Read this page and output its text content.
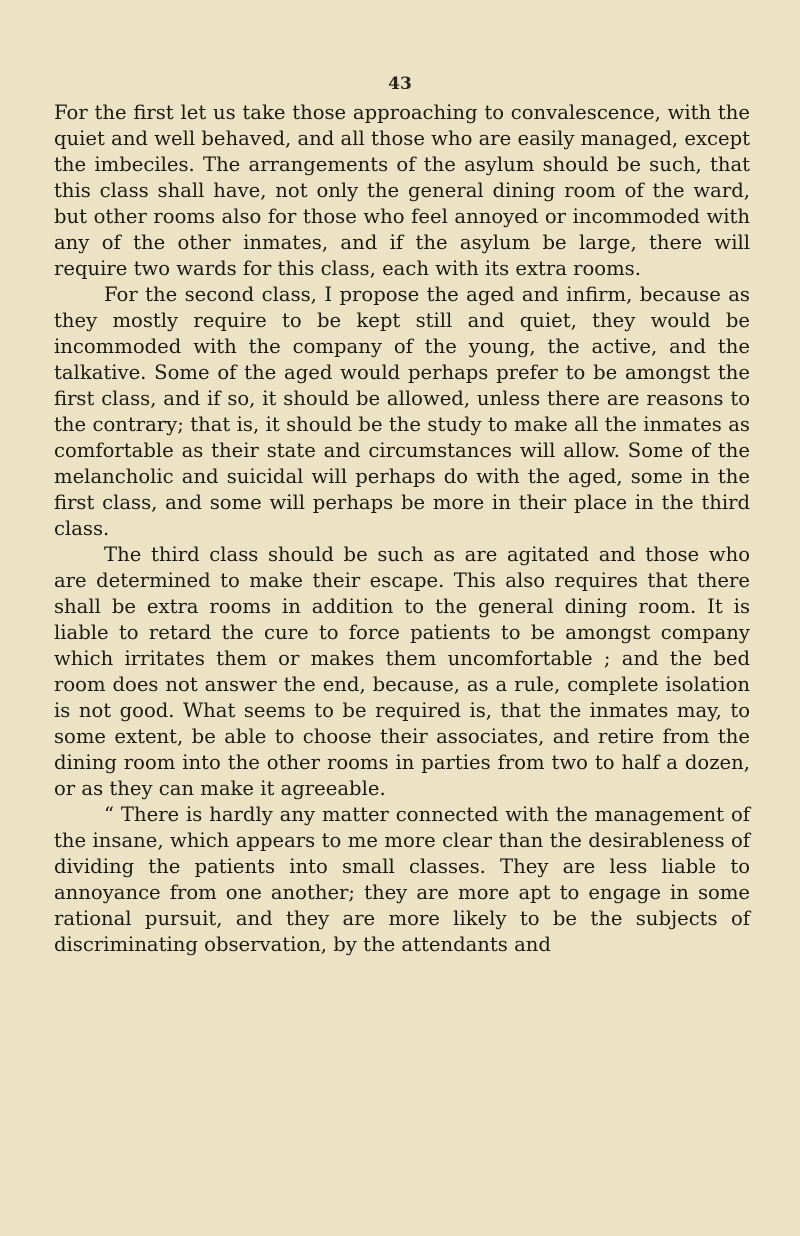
43

For the first let us take those approaching to convalescence, with the quiet and well behaved, and all those who are easily managed, except the imbeciles. The arrangements of the asylum should be such, that this class shall have, not only the general dining room of the ward, but other rooms also for those who feel annoyed or incommoded with any of the other inmates, and if the asylum be large, there will require two wards for this class, each with its extra rooms.

For the second class, I propose the aged and infirm, because as they mostly require to be kept still and quiet, they would be incommoded with the company of the young, the active, and the talkative. Some of the aged would perhaps prefer to be amongst the first class, and if so, it should be allowed, unless there are reasons to the contrary; that is, it should be the study to make all the inmates as comfortable as their state and circumstances will allow. Some of the melancholic and suicidal will perhaps do with the aged, some in the first class, and some will perhaps be more in their place in the third class.

The third class should be such as are agitated and those who are determined to make their escape. This also requires that there shall be extra rooms in addition to the general dining room. It is liable to retard the cure to force patients to be amongst company which irritates them or makes them uncomfortable ; and the bed room does not answer the end, because, as a rule, complete isolation is not good. What seems to be required is, that the inmates may, to some extent, be able to choose their associates, and retire from the dining room into the other rooms in parties from two to half a dozen, or as they can make it agreeable.

“ There is hardly any matter connected with the management of the insane, which appears to me more clear than the desirableness of dividing the patients into small classes. They are less liable to annoyance from one another; they are more apt to engage in some rational pursuit, and they are more likely to be the subjects of discriminating observation, by the attendants and
